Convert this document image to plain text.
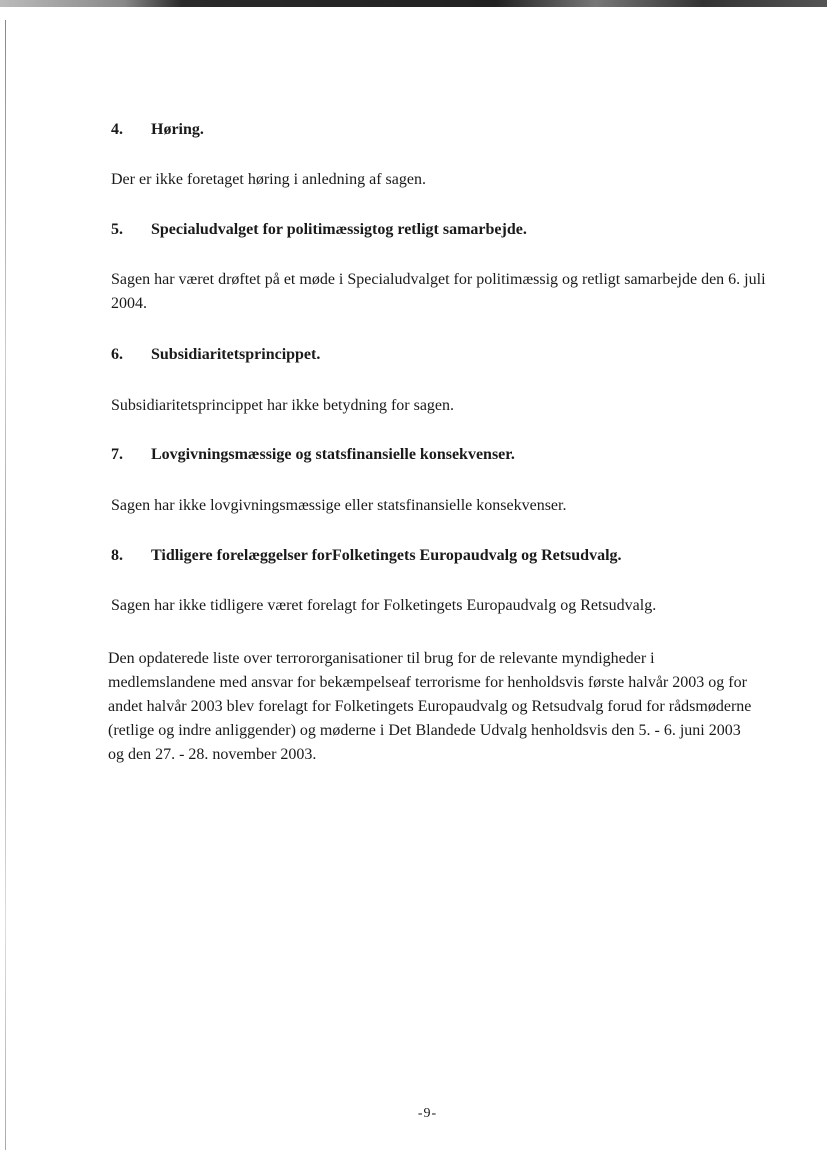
4. Høring.
Der er ikke foretaget høring i anledning af sagen.
5. Specialudvalget for politimæssigtog retligt samarbejde.
Sagen har været drøftet på et møde i Specialudvalget for politimæssig og retligt samarbejde den 6. juli 2004.
6. Subsidiaritetsprincippet.
Subsidiaritetsprincippet har ikke betydning for sagen.
7. Lovgivningsmæssige og statsfinansielle konsekvenser.
Sagen har ikke lovgivningsmæssige eller statsfinansielle konsekvenser.
8. Tidligere forelæggelser forFolketingets Europaudvalg og Retsudvalg.
Sagen har ikke tidligere været forelagt for Folketingets Europaudvalg og Retsudvalg.
Den opdaterede liste over terrororganisationer til brug for de relevante myndigheder i medlemslandene med ansvar for bekæmpelseaf terrorisme for henholdsvis første halvår 2003 og for andet halvår 2003 blev forelagt for Folketingets Europaudvalg og Retsudvalg forud for rådsmøderne (retlige og indre anliggender) og møderne i Det Blandede Udvalg henholdsvis den 5. - 6. juni 2003 og den 27. - 28. november 2003.
-9-
